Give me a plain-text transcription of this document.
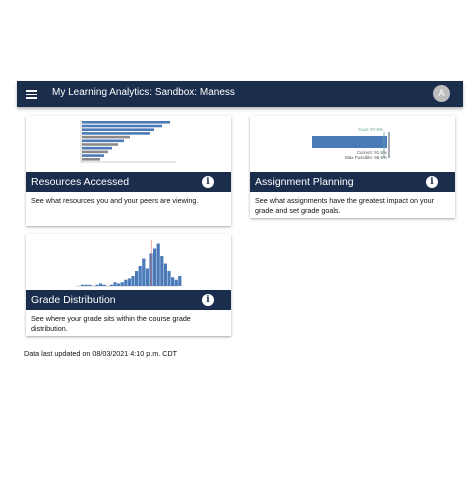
My Learning Analytics: Sandbox: Maness	A
Resources Accessed	i
See what resources you and your peers are viewing.
Goal: 87.6%
Current: 91.5%
Max Possible: 96.5%
Assignment Planning	i
See what assignments have the greatest impact on your grade and set grade goals.
Grade Distribution	i
See where your grade sits within the course grade distribution.
Data last updated on 08/03/2021 4:10 p.m. CDT
